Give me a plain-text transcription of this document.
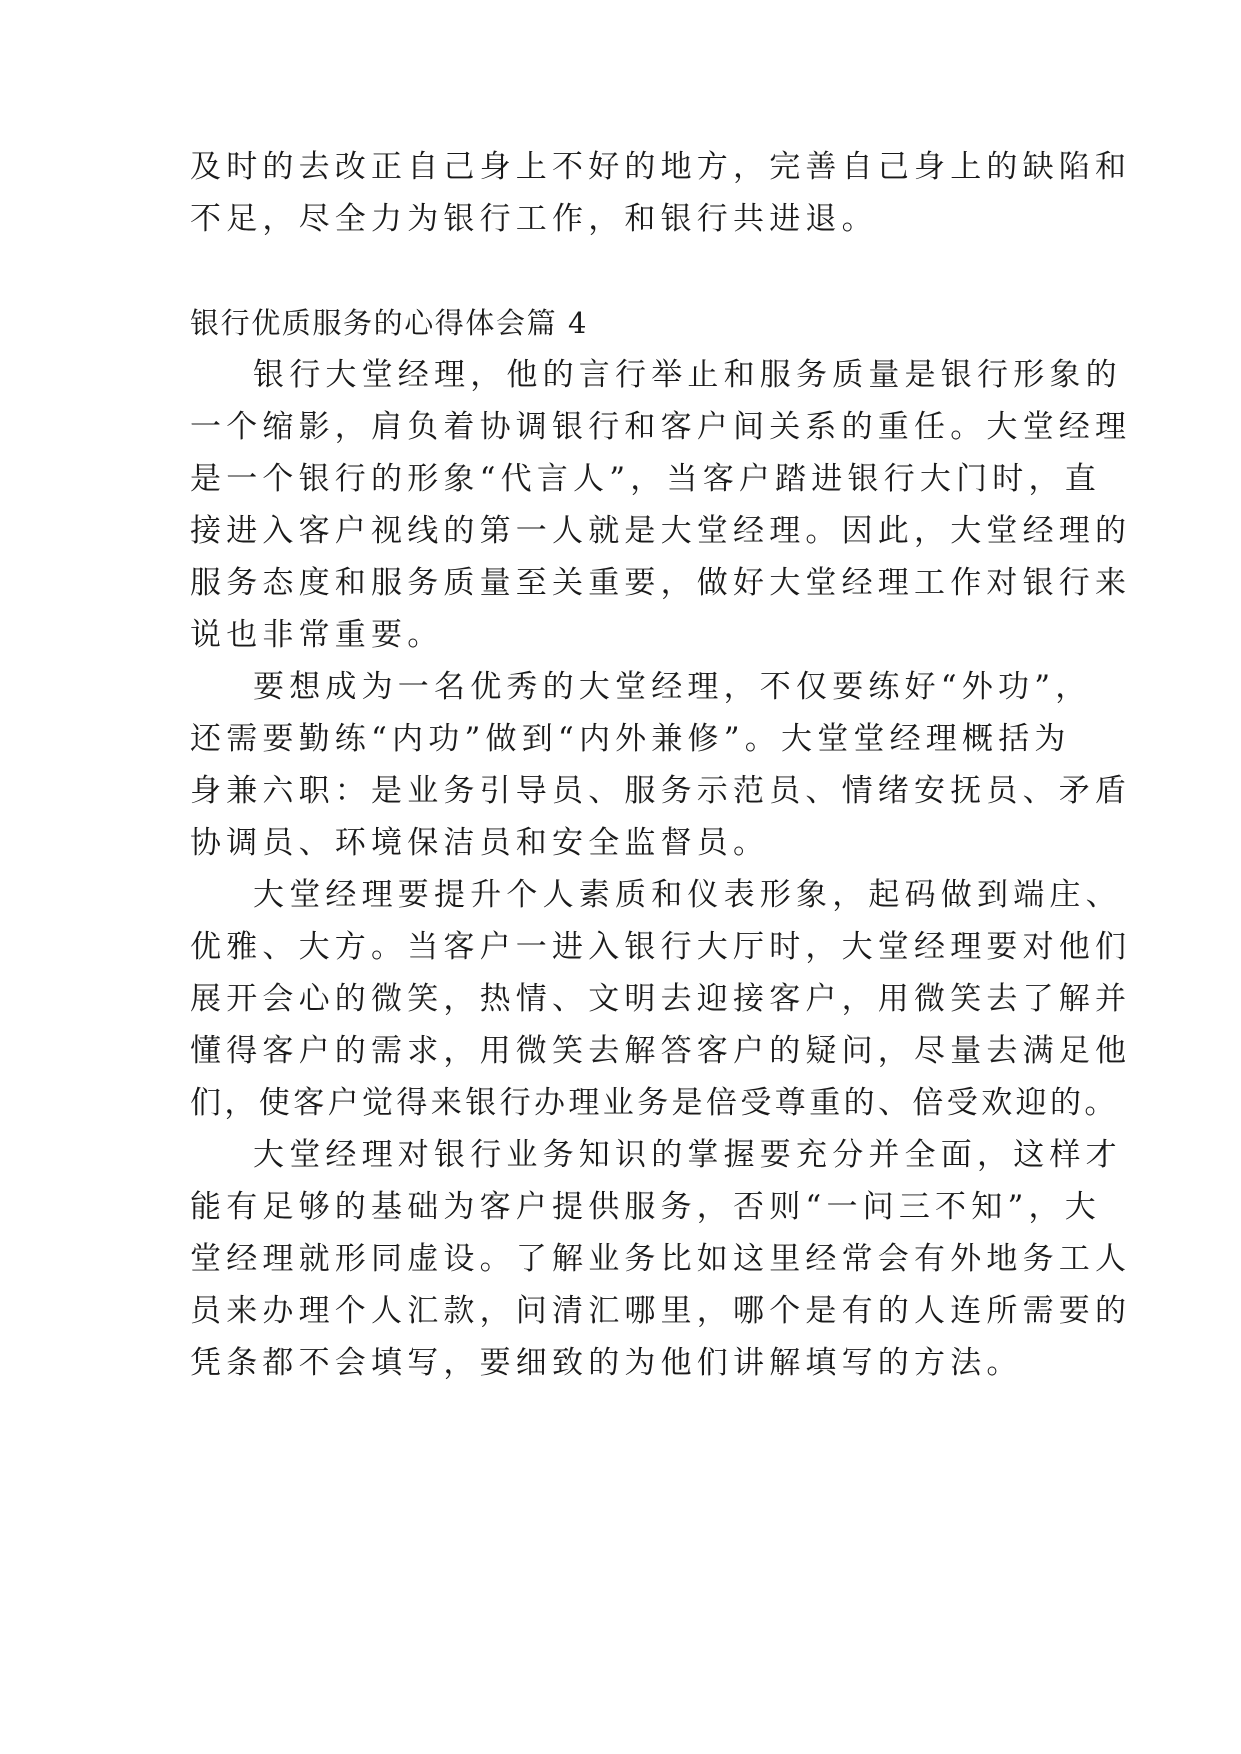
及时的去改正自己身上不好的地方，完善自己身上的缺陷和
不足，尽全力为银行工作，和银行共进退。
银行优质服务的心得体会篇 4
银行大堂经理，他的言行举止和服务质量是银行形象的
一个缩影，肩负着协调银行和客户间关系的重任。大堂经理
是一个银行的形象“代言人”，当客户踏进银行大门时，直
接进入客户视线的第一人就是大堂经理。因此，大堂经理的
服务态度和服务质量至关重要，做好大堂经理工作对银行来
说也非常重要。
要想成为一名优秀的大堂经理，不仅要练好“外功”，
还需要勤练“内功”做到“内外兼修”。大堂堂经理概括为
身兼六职：是业务引导员、服务示范员、情绪安抚员、矛盾
协调员、环境保洁员和安全监督员。
大堂经理要提升个人素质和仪表形象，起码做到端庄、
优雅、大方。当客户一进入银行大厅时，大堂经理要对他们
展开会心的微笑，热情、文明去迎接客户，用微笑去了解并
懂得客户的需求，用微笑去解答客户的疑问，尽量去满足他
们，使客户觉得来银行办理业务是倍受尊重的、倍受欢迎的。
大堂经理对银行业务知识的掌握要充分并全面，这样才
能有足够的基础为客户提供服务，否则“一问三不知”，大
堂经理就形同虚设。了解业务比如这里经常会有外地务工人
员来办理个人汇款，问清汇哪里，哪个是有的人连所需要的
凭条都不会填写，要细致的为他们讲解填写的方法。
